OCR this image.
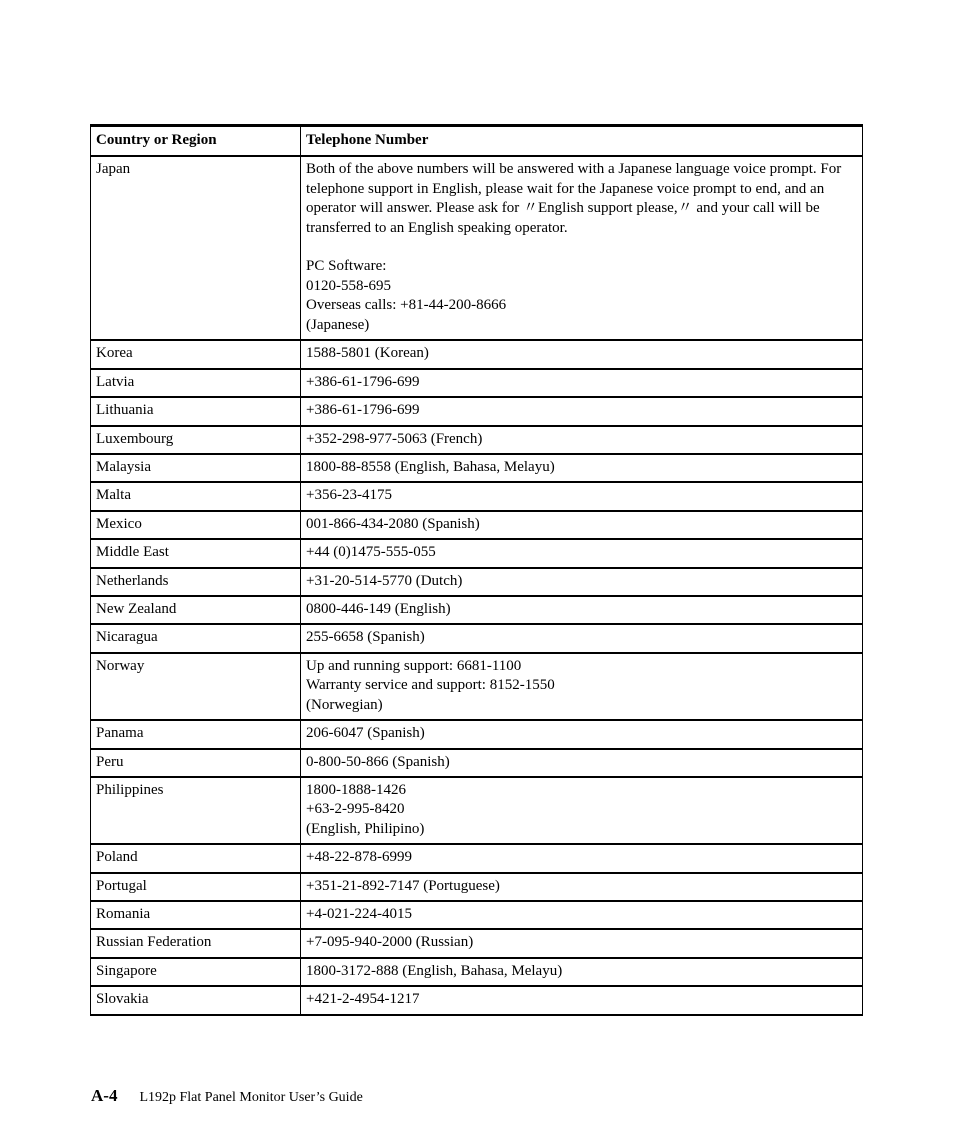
Country or Region	Telephone Number
Japan	Both of the above numbers will be answered with a Japanese language voice prompt. For telephone support in English, please wait for the Japanese voice prompt to end, and an operator will answer. Please ask for 〃English support please,〃 and your call will be transferred to an English speaking operator.

PC Software:
0120-558-695
Overseas calls: +81-44-200-8666
(Japanese)
Korea	1588-5801 (Korean)
Latvia	+386-61-1796-699
Lithuania	+386-61-1796-699
Luxembourg	+352-298-977-5063 (French)
Malaysia	1800-88-8558 (English, Bahasa, Melayu)
Malta	+356-23-4175
Mexico	001-866-434-2080 (Spanish)
Middle East	+44 (0)1475-555-055
Netherlands	+31-20-514-5770 (Dutch)
New Zealand	0800-446-149 (English)
Nicaragua	255-6658 (Spanish)
Norway	Up and running support: 6681-1100
Warranty service and support: 8152-1550
(Norwegian)
Panama	206-6047 (Spanish)
Peru	0-800-50-866 (Spanish)
Philippines	1800-1888-1426
+63-2-995-8420
(English, Philipino)
Poland	+48-22-878-6999
Portugal	+351-21-892-7147 (Portuguese)
Romania	+4-021-224-4015
Russian Federation	+7-095-940-2000 (Russian)
Singapore	1800-3172-888 (English, Bahasa, Melayu)
Slovakia	+421-2-4954-1217
A-4 L192p Flat Panel Monitor User’s Guide
